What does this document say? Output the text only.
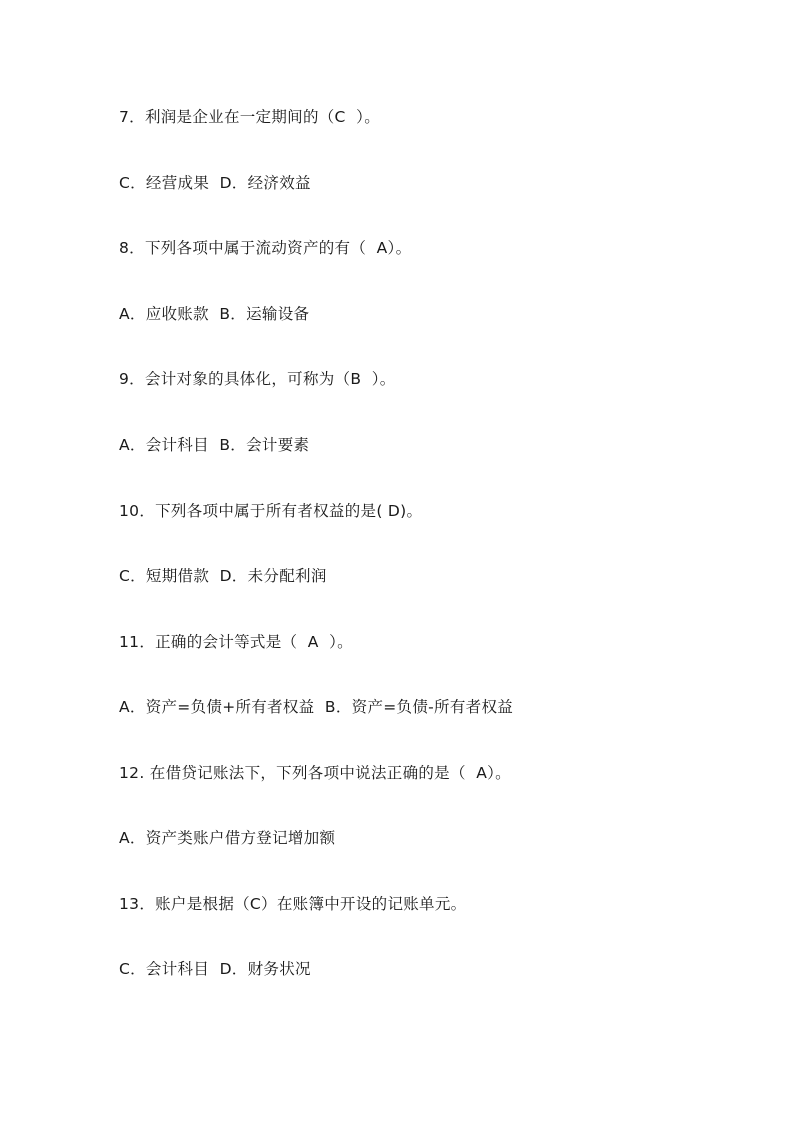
7．利润是企业在一定期间的（C  ）。
C．经营成果  D．经济效益
8．下列各项中属于流动资产的有（  A）。
A．应收账款  B．运输设备
9．会计对象的具体化，可称为（B  ）。
A．会计科目  B．会计要素
10．下列各项中属于所有者权益的是( D)。
C．短期借款  D．未分配利润
11．正确的会计等式是（  A  ）。
A．资产=负债+所有者权益  B．资产=负债-所有者权益
12. 在借贷记账法下，下列各项中说法正确的是（  A）。
A．资产类账户借方登记增加额
13．账户是根据（C）在账簿中开设的记账单元。
C．会计科目  D．财务状况
